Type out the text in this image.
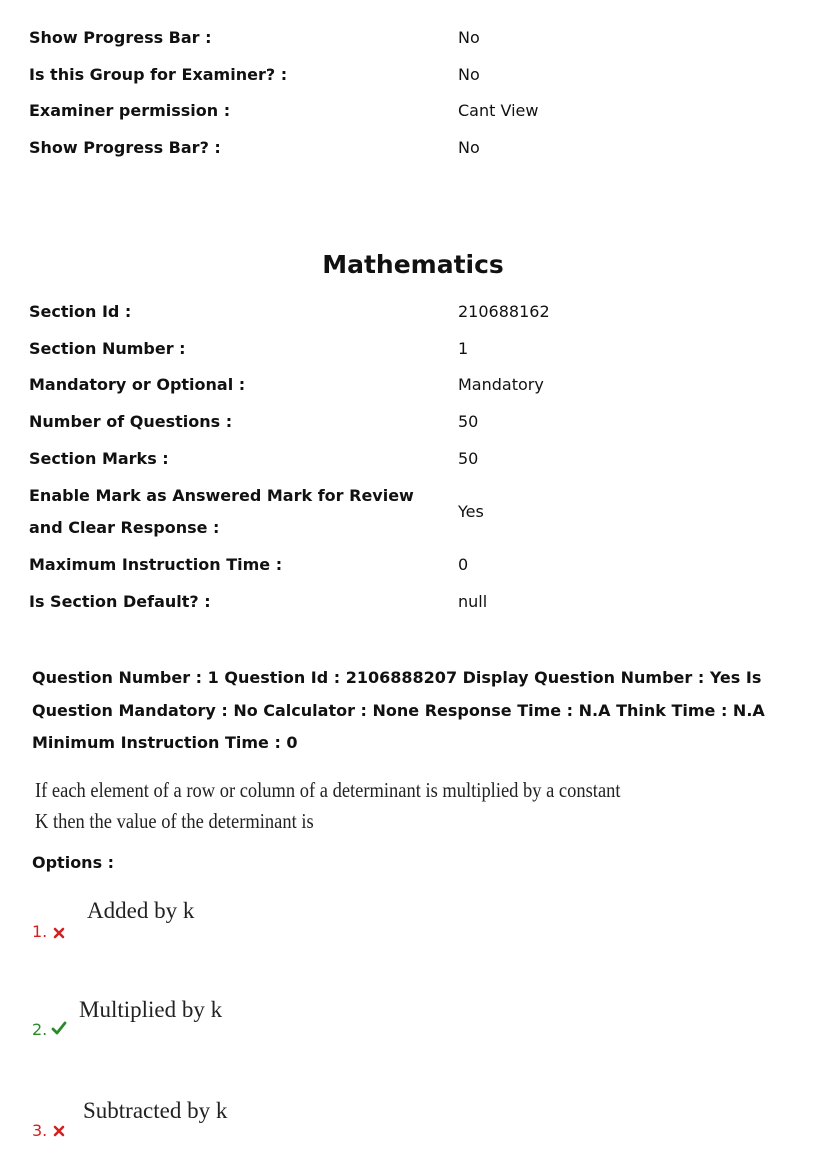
Show Progress Bar :	No
Is this Group for Examiner? :	No
Examiner permission :	Cant View
Show Progress Bar? :	No
Mathematics
Section Id :	210688162
Section Number :	1
Mandatory or Optional :	Mandatory
Number of Questions :	50
Section Marks :	50
Enable Mark as Answered Mark for Review and Clear Response :
Yes
Maximum Instruction Time :	0
Is Section Default? :	null
Question Number : 1 Question Id : 2106888207 Display Question Number : Yes Is Question Mandatory : No Calculator : None Response Time : N.A Think Time : N.A Minimum Instruction Time : 0
If each element of a row or column of a determinant is multiplied by a constant
K then the value of the determinant is
Options :
1.
Added by k
2.
Multiplied by k
3.
Subtracted by k
